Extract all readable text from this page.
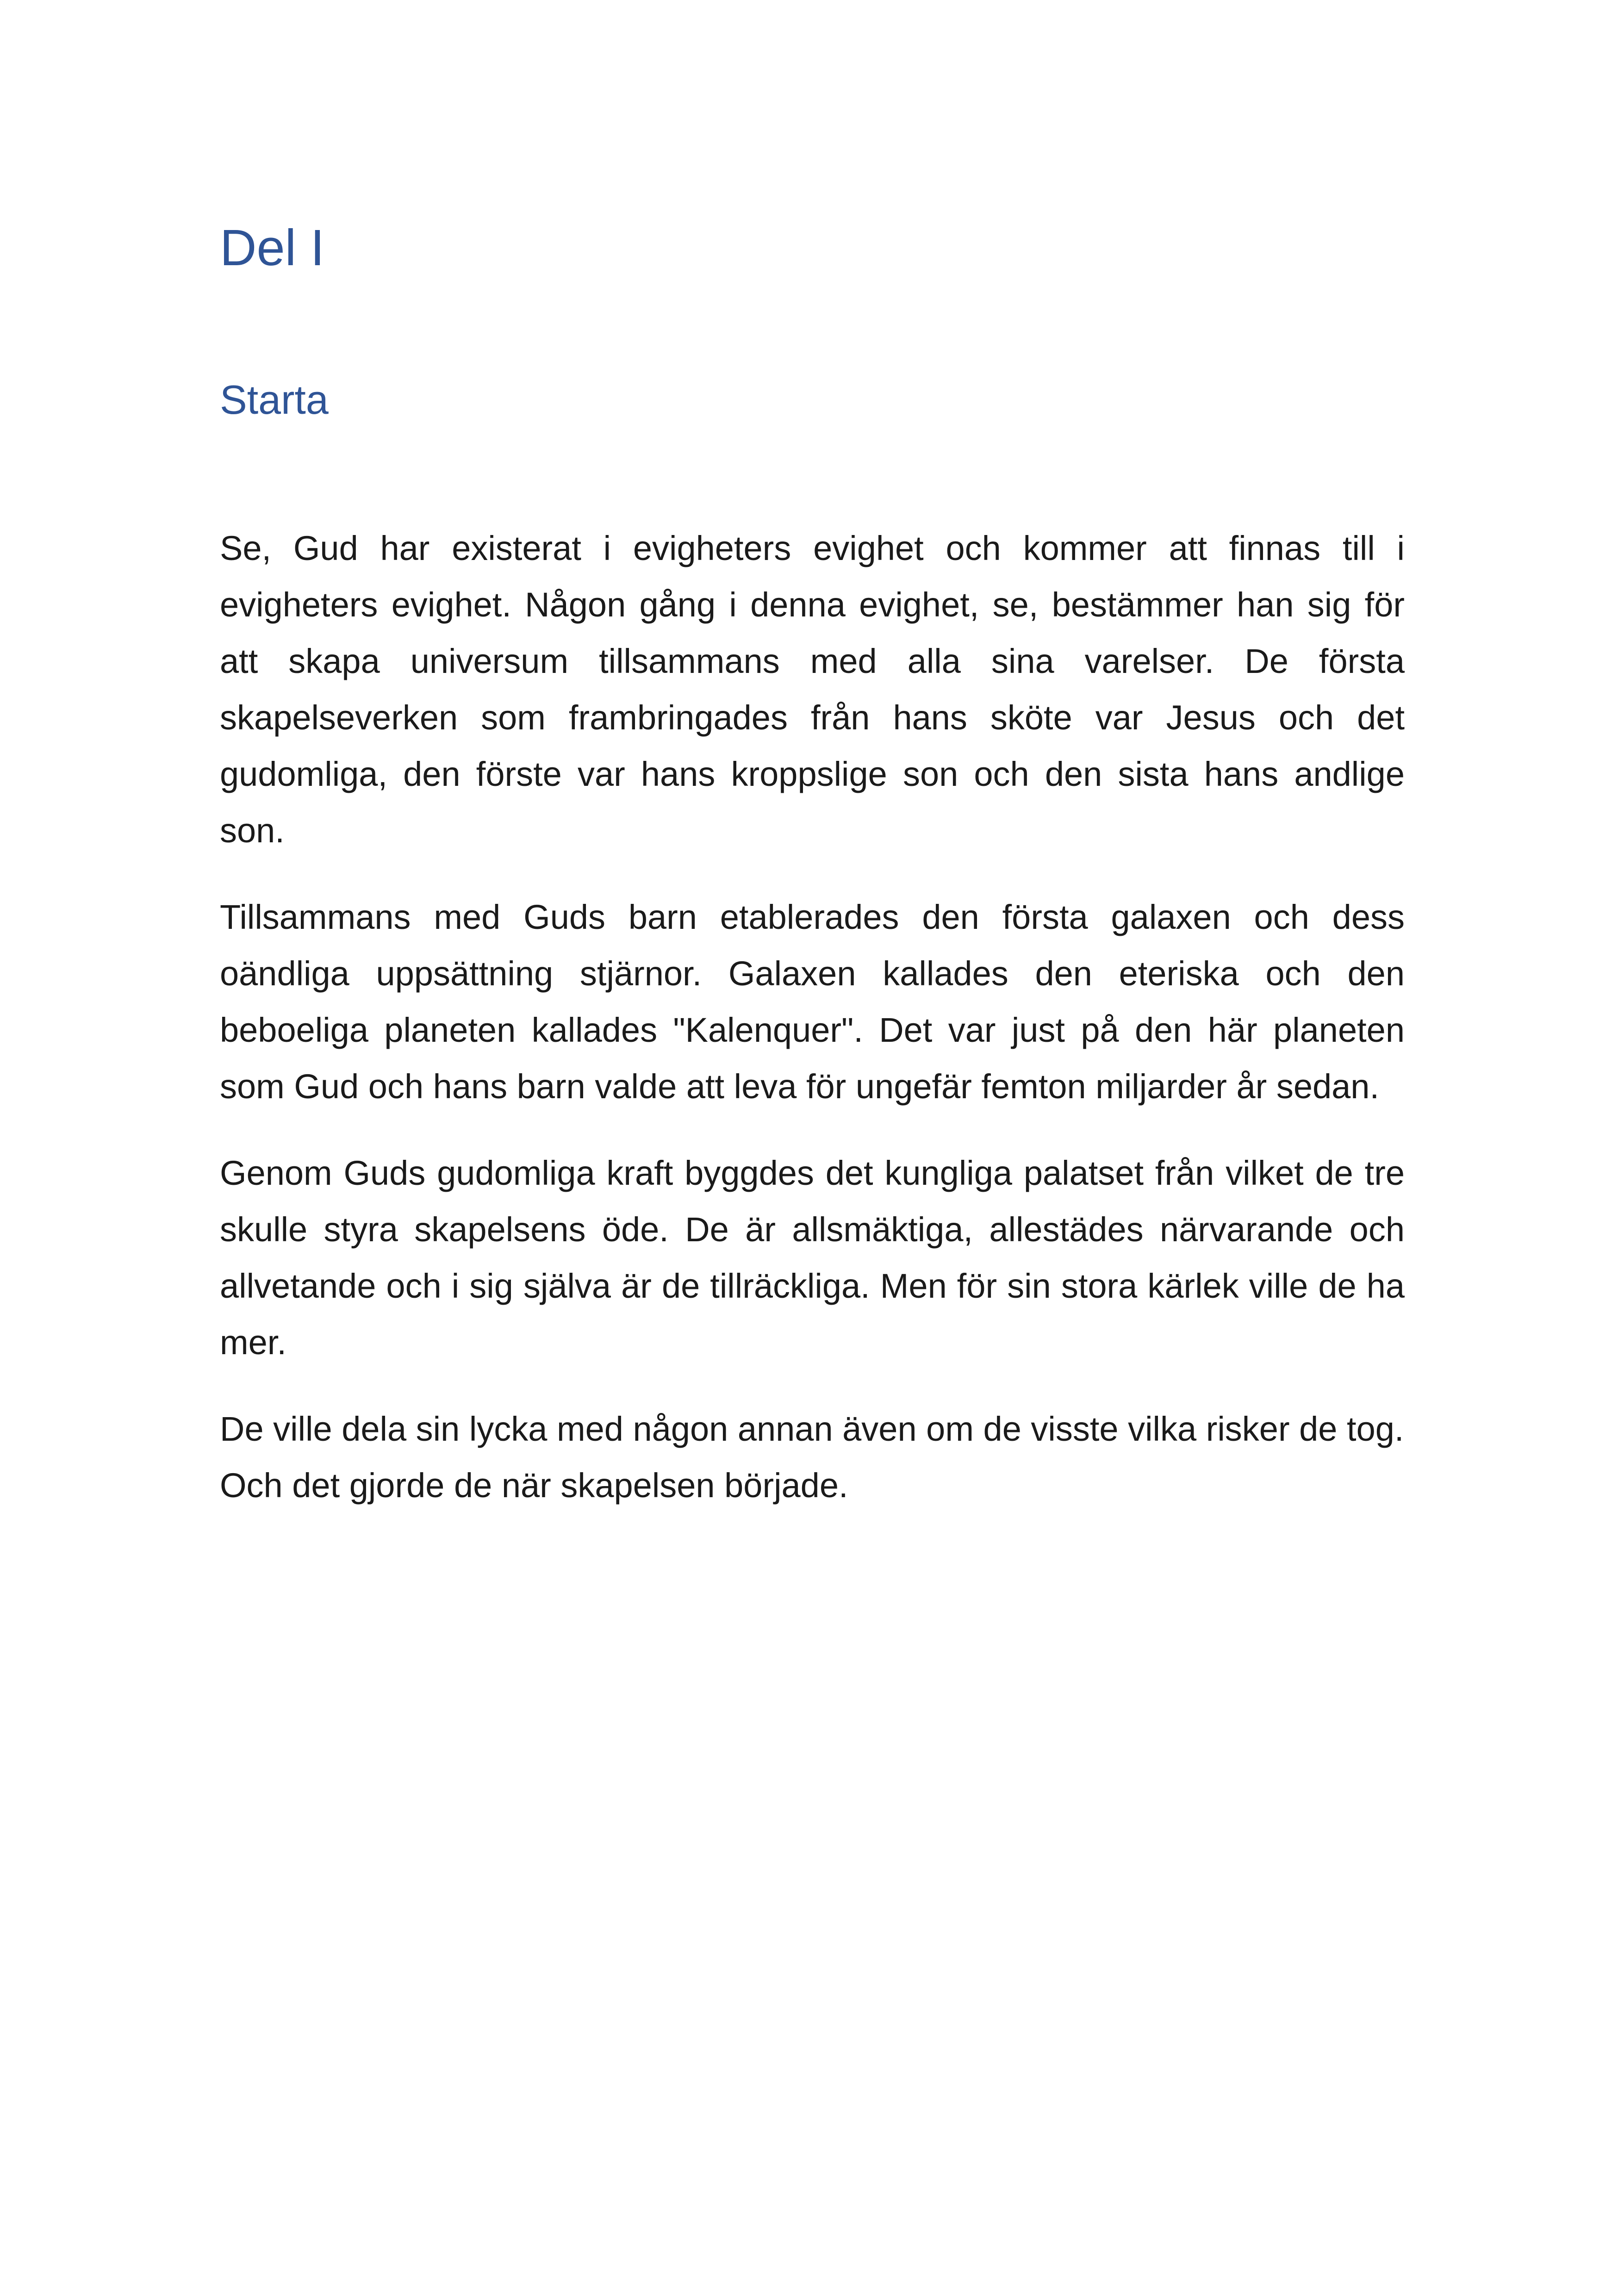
Del I
Starta

Se, Gud har existerat i evigheters evighet och kommer att finnas till i evigheters evighet. Någon gång i denna evighet, se, bestämmer han sig för att skapa universum tillsammans med alla sina varelser. De första skapelseverken som frambringades från hans sköte var Jesus och det gudomliga, den förste var hans kroppslige son och den sista hans andlige son.

Tillsammans med Guds barn etablerades den första galaxen och dess oändliga uppsättning stjärnor. Galaxen kallades den eteriska och den beboeliga planeten kallades "Kalenquer". Det var just på den här planeten som Gud och hans barn valde att leva för ungefär femton miljarder år sedan.

Genom Guds gudomliga kraft byggdes det kungliga palatset från vilket de tre skulle styra skapelsens öde. De är allsmäktiga, allestädes närvarande och allvetande och i sig själva är de tillräckliga. Men för sin stora kärlek ville de ha mer.

De ville dela sin lycka med någon annan även om de visste vilka risker de tog. Och det gjorde de när skapelsen började.
